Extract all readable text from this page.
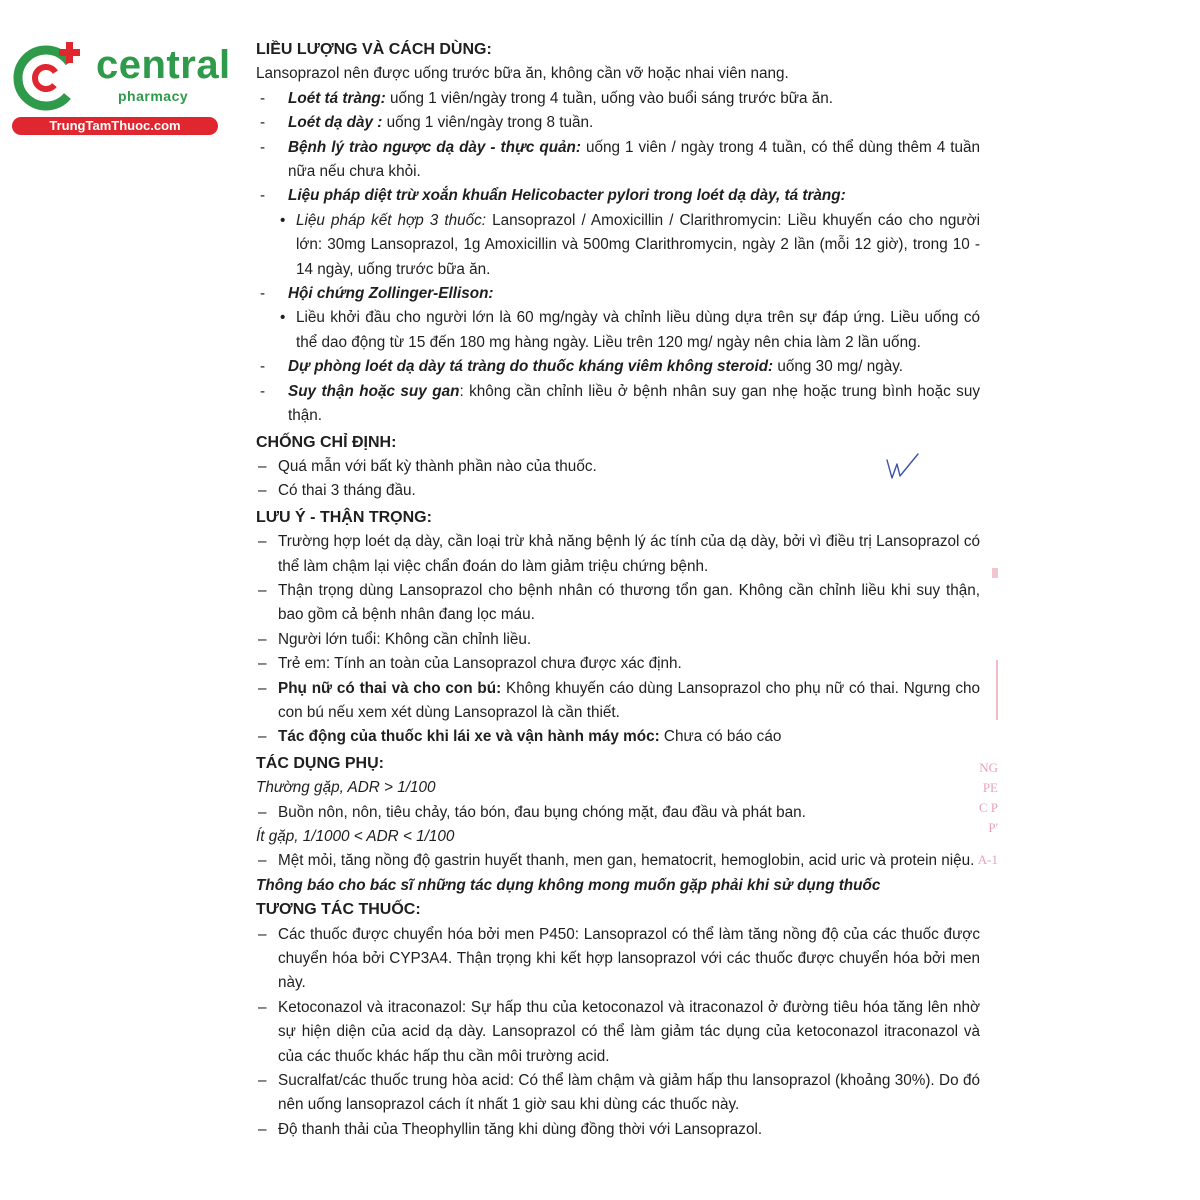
central
pharmacy
TrungTamThuoc.com

LIỀU LƯỢNG VÀ CÁCH DÙNG:

Lansoprazol nên được uống trước bữa ăn, không cần vỡ hoặc nhai viên nang.

- Loét tá tràng: uống 1 viên/ngày trong 4 tuần, uống vào buổi sáng trước bữa ăn.

- Loét dạ dày : uống 1 viên/ngày trong 8 tuần.

- Bệnh lý trào ngược dạ dày - thực quản: uống 1 viên / ngày trong 4 tuần, có thể dùng thêm 4 tuần nữa nếu chưa khỏi.

- Liệu pháp diệt trừ xoắn khuẩn Helicobacter pylori trong loét dạ dày, tá tràng:

• Liệu pháp kết hợp 3 thuốc: Lansoprazol / Amoxicillin / Clarithromycin: Liều khuyến cáo cho người lớn: 30mg Lansoprazol, 1g Amoxicillin và 500mg Clarithromycin, ngày 2 lần (mỗi 12 giờ), trong 10 - 14 ngày, uống trước bữa ăn.

- Hội chứng Zollinger-Ellison:

• Liều khởi đầu cho người lớn là 60 mg/ngày và chỉnh liều dùng dựa trên sự đáp ứng. Liều uống có thể dao động từ 15 đến 180 mg hàng ngày. Liều trên 120 mg/ ngày nên chia làm 2 lần uống.

- Dự phòng loét dạ dày tá tràng do thuốc kháng viêm không steroid: uống 30 mg/ ngày.

- Suy thận hoặc suy gan: không cần chỉnh liều ở bệnh nhân suy gan nhẹ hoặc trung bình hoặc suy thận.

CHỐNG CHỈ ĐỊNH:

– Quá mẫn với bất kỳ thành phần nào của thuốc.

– Có thai 3 tháng đầu.

LƯU Ý - THẬN TRỌNG:

– Trường hợp loét dạ dày, cần loại trừ khả năng bệnh lý ác tính của dạ dày, bởi vì điều trị Lansoprazol có thể làm chậm lại việc chẩn đoán do làm giảm triệu chứng bệnh.

– Thận trọng dùng Lansoprazol cho bệnh nhân có thương tổn gan. Không cần chỉnh liều khi suy thận, bao gồm cả bệnh nhân đang lọc máu.

– Người lớn tuổi: Không cần chỉnh liều.

– Trẻ em: Tính an toàn của Lansoprazol chưa được xác định.

– Phụ nữ có thai và cho con bú: Không khuyến cáo dùng Lansoprazol cho phụ nữ có thai. Ngưng cho con bú nếu xem xét dùng Lansoprazol là cần thiết.

– Tác động của thuốc khi lái xe và vận hành máy móc: Chưa có báo cáo

TÁC DỤNG PHỤ:

Thường gặp, ADR > 1/100

– Buồn nôn, nôn, tiêu chảy, táo bón, đau bụng chóng mặt, đau đầu và phát ban.

Ít gặp, 1/1000 < ADR < 1/100

– Mệt mỏi, tăng nồng độ gastrin huyết thanh, men gan, hematocrit, hemoglobin, acid uric và protein niệu.

Thông báo cho bác sĩ những tác dụng không mong muốn gặp phải khi sử dụng thuốc

TƯƠNG TÁC THUỐC:

– Các thuốc được chuyển hóa bởi men P450: Lansoprazol có thể làm tăng nồng độ của các thuốc được chuyển hóa bởi CYP3A4. Thận trọng khi kết hợp lansoprazol với các thuốc được chuyển hóa bởi men này.

– Ketoconazol và itraconazol: Sự hấp thu của ketoconazol và itraconazol ở đường tiêu hóa tăng lên nhờ sự hiện diện của acid dạ dày. Lansoprazol có thể làm giảm tác dụng của ketoconazol itraconazol và của các thuốc khác hấp thu cần môi trường acid.

– Sucralfat/các thuốc trung hòa acid: Có thể làm chậm và giảm hấp thu lansoprazol (khoảng 30%). Do đó nên uống lansoprazol cách ít nhất 1 giờ sau khi dùng các thuốc này.

– Độ thanh thải của Theophyllin tăng khi dùng đồng thời với Lansoprazol.

NG
PE
C P
P'
A-1
